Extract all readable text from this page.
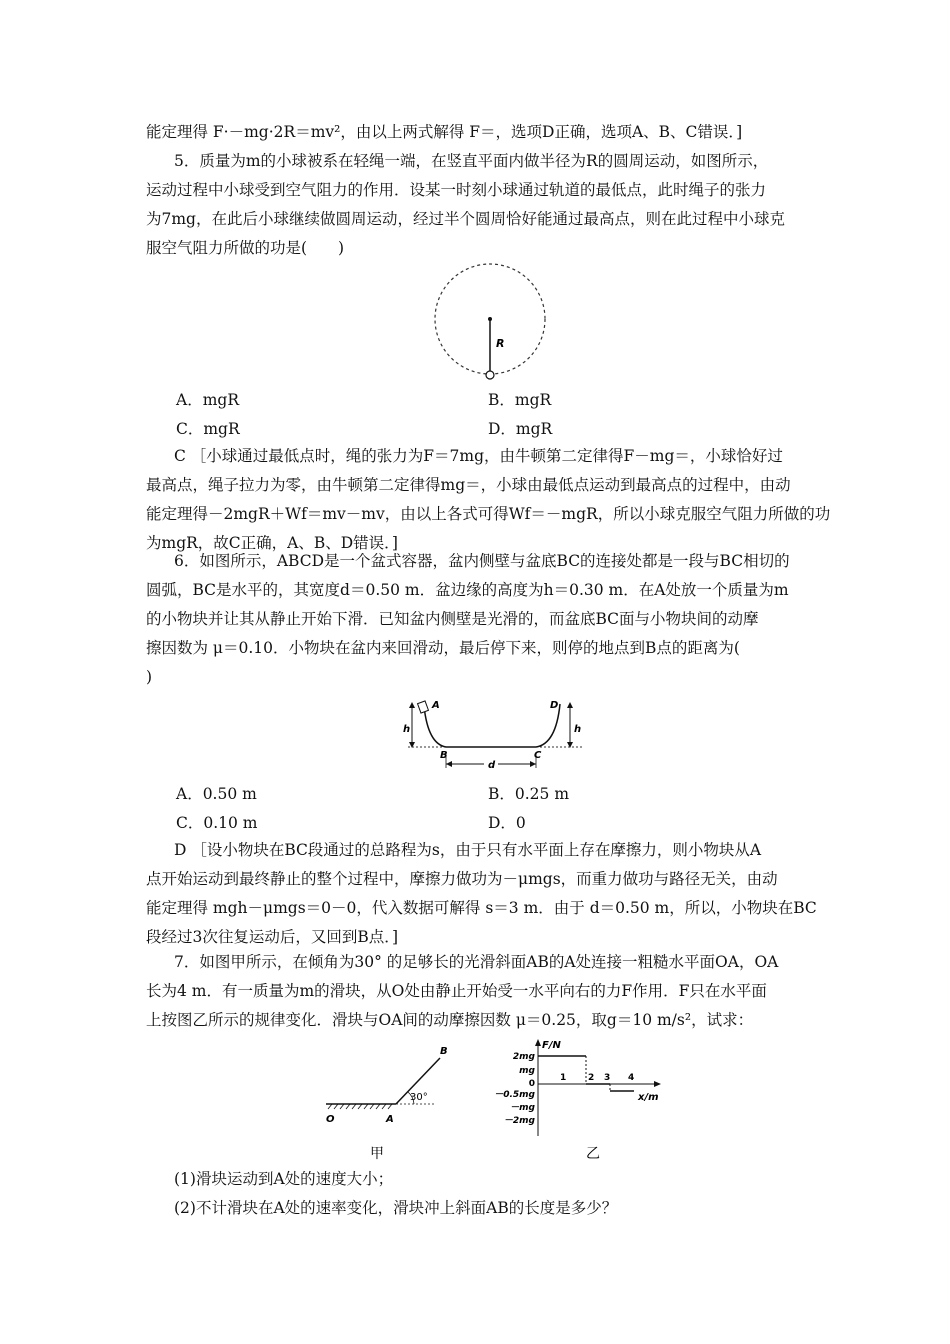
能定理得 F·－mg·2R＝mv²，由以上两式解得 F＝，选项D正确，选项A、B、C错误．]
5．质量为m的小球被系在轻绳一端，在竖直平面内做半径为R的圆周运动，如图所示，
运动过程中小球受到空气阻力的作用．设某一时刻小球通过轨道的最低点，此时绳子的张力
为7mg，在此后小球继续做圆周运动，经过半个圆周恰好能通过最高点，则在此过程中小球克
服空气阻力所做的功是(　　)
R
A．mgR	B．mgR
C．mgR	D．mgR
C ［小球通过最低点时，绳的张力为F＝7mg，由牛顿第二定律得F－mg＝，小球恰好过
最高点，绳子拉力为零，由牛顿第二定律得mg＝，小球由最低点运动到最高点的过程中，由动
能定理得－2mgR＋Wf＝mv－mv，由以上各式可得Wf＝－mgR，所以小球克服空气阻力所做的功
为mgR，故C正确，A、B、D错误．]
6．如图所示，ABCD是一个盆式容器，盆内侧壁与盆底BC的连接处都是一段与BC相切的
圆弧，BC是水平的，其宽度d＝0.50 m．盆边缘的高度为h＝0.30 m．在A处放一个质量为m
的小物块并让其从静止开始下滑．已知盆内侧壁是光滑的，而盆底BC面与小物块间的动摩
擦因数为 μ＝0.10．小物块在盆内来回滑动，最后停下来，则停的地点到B点的距离为(
)
h	h
A	D
B	C
d
A．0.50 m	B．0.25 m
C．0.10 m	D．0
D ［设小物块在BC段通过的总路程为s，由于只有水平面上存在摩擦力，则小物块从A
点开始运动到最终静止的整个过程中，摩擦力做功为－μmgs，而重力做功与路径无关，由动
能定理得 mgh－μmgs＝0－0，代入数据可解得 s＝3 m．由于 d＝0.50 m，所以，小物块在BC
段经过3次往复运动后，又回到B点．]
7．如图甲所示，在倾角为30° 的足够长的光滑斜面AB的A处连接一粗糙水平面OA，OA
长为4 m．有一质量为m的滑块，从O处由静止开始受一水平向右的力F作用．F只在水平面
上按图乙所示的规律变化．滑块与OA间的动摩擦因数 μ＝0.25，取g＝10 m/s²，试求：
30°
B
O	A
甲
F/N
x/m
2mg
mg
0
－0.5mg
－mg
－2mg
1 2 3 4
乙
(1)滑块运动到A处的速度大小；
(2)不计滑块在A处的速率变化，滑块冲上斜面AB的长度是多少？
